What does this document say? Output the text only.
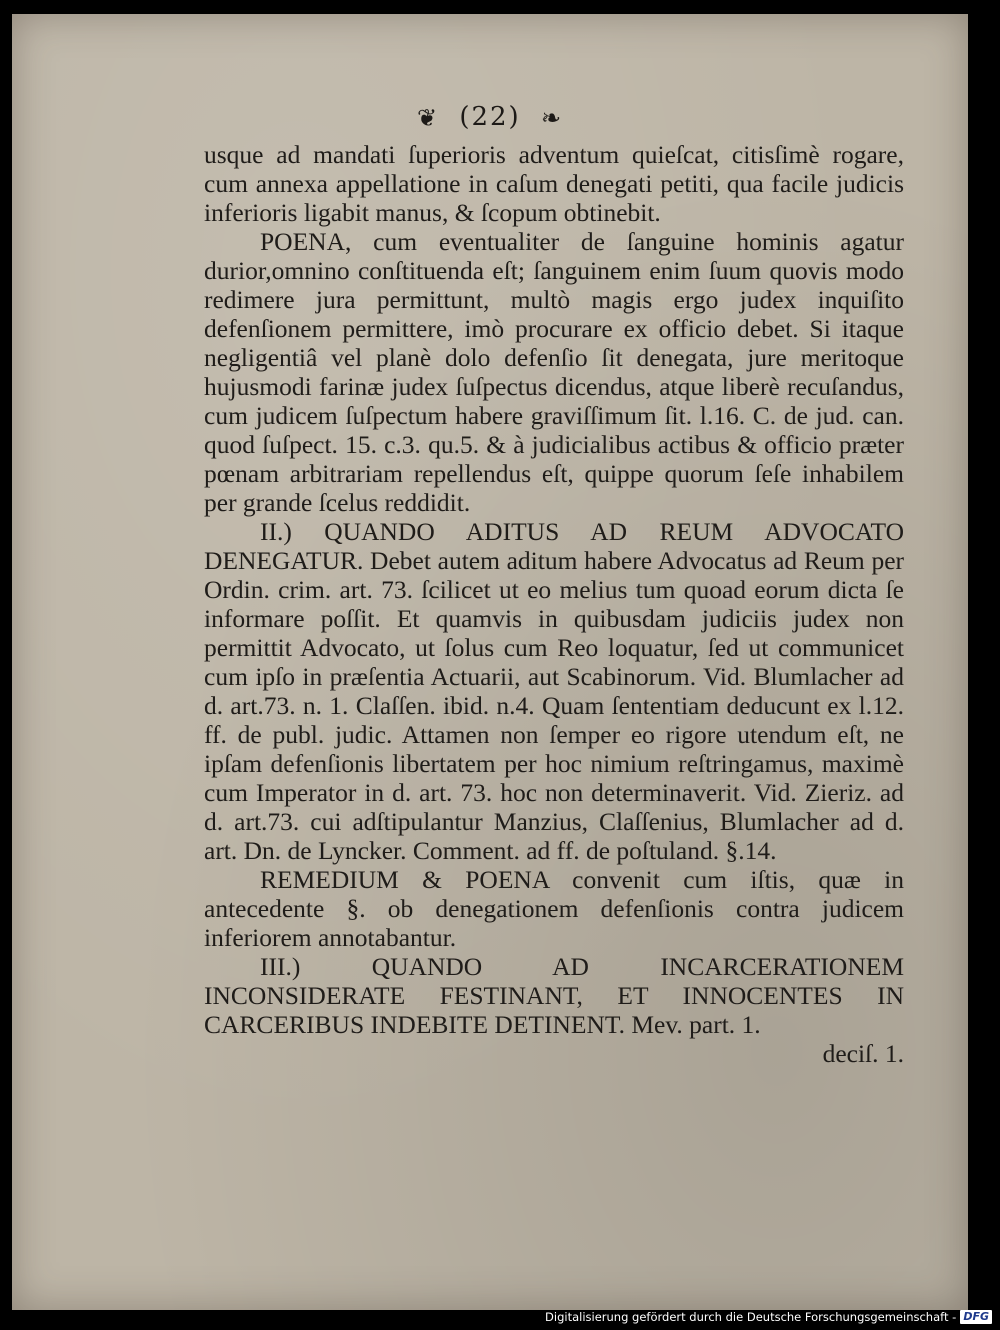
❦ (22) ❧

usque ad mandati ſuperioris adventum quieſcat, citisſimè rogare, cum annexa appellatione in caſum denegati petiti, qua facile judicis inferioris ligabit manus, & ſcopum obtinebit.

POENA, cum eventualiter de ſanguine hominis agatur durior,omnino conſtituenda eſt; ſanguinem enim ſuum quovis modo redimere jura permittunt, multò magis ergo judex inquiſito defenſionem permittere, imò procurare ex officio debet. Si itaque negligentiâ vel planè dolo defenſio ſit denegata, jure meritoque hujusmodi farinæ judex ſuſpectus dicendus, atque liberè recuſandus, cum judicem ſuſpectum habere graviſſimum ſit. l.16. C. de jud. can. quod ſuſpect. 15. c.3. qu.5. & à judicialibus actibus & officio præter pœnam arbitrariam repellendus eſt, quippe quorum ſeſe inhabilem per grande ſcelus reddidit.

II.) QUANDO ADITUS AD REUM ADVOCATO DENEGATUR. Debet autem aditum habere Advocatus ad Reum per Ordin. crim. art. 73. ſcilicet ut eo melius tum quoad eorum dicta ſe informare poſſit. Et quamvis in quibusdam judiciis judex non permittit Advocato, ut ſolus cum Reo loquatur, ſed ut communicet cum ipſo in præſentia Actuarii, aut Scabinorum. Vid. Blumlacher ad d. art.73. n. 1. Claſſen. ibid. n.4. Quam ſententiam deducunt ex l.12. ff. de publ. judic. Attamen non ſemper eo rigore utendum eſt, ne ipſam defenſionis libertatem per hoc nimium reſtringamus, maximè cum Imperator in d. art. 73. hoc non determinaverit. Vid. Zieriz. ad d. art.73. cui adſtipulantur Manzius, Claſſenius, Blumlacher ad d. art. Dn. de Lyncker. Comment. ad ff. de poſtuland. §.14.

REMEDIUM & POENA convenit cum iſtis, quæ in antecedente §. ob denegationem defenſionis contra judicem inferiorem annotabantur.

III.) QUANDO AD INCARCERATIONEM INCONSIDERATE FESTINANT, ET INNOCENTES IN CARCERIBUS INDEBITE DETINENT. Mev. part. 1.

deciſ. 1.

Digitalisierung gefördert durch die Deutsche Forschungsgemeinschaft - DFG
